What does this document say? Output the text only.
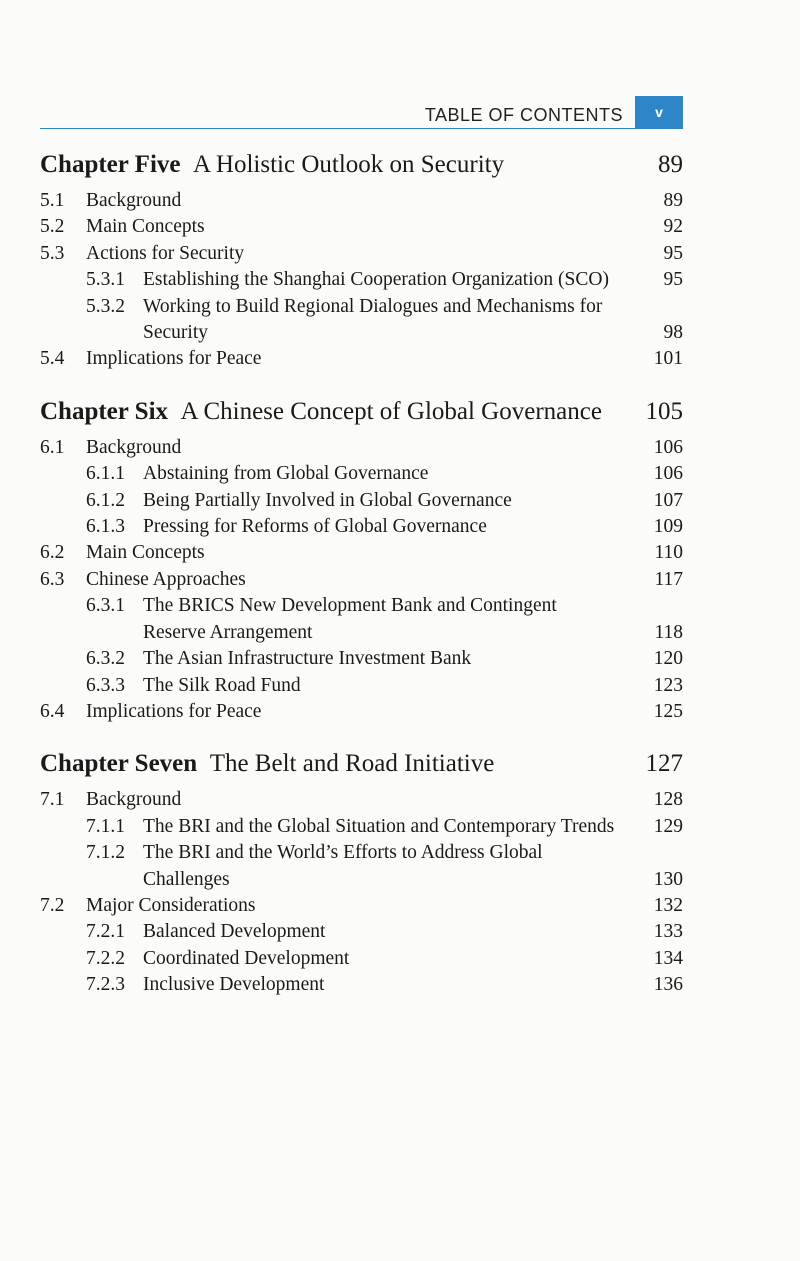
TABLE OF CONTENTS	v
Chapter Five A Holistic Outlook on Security	89
5.1	Background	89
5.2	Main Concepts	92
5.3	Actions for Security	95
5.3.1 Establishing the Shanghai Cooperation Organization (SCO)	95
5.3.2 Working to Build Regional Dialogues and Mechanisms for Security	98
5.4	Implications for Peace	101
Chapter Six A Chinese Concept of Global Governance 105
6.1	Background	106
6.1.1 Abstaining from Global Governance	106
6.1.2 Being Partially Involved in Global Governance	107
6.1.3 Pressing for Reforms of Global Governance	109
6.2	Main Concepts	110
6.3	Chinese Approaches	117
6.3.1 The BRICS New Development Bank and Contingent Reserve Arrangement	118
6.3.2 The Asian Infrastructure Investment Bank	120
6.3.3 The Silk Road Fund	123
6.4	Implications for Peace	125
Chapter Seven The Belt and Road Initiative	127
7.1	Background	128
7.1.1 The BRI and the Global Situation and Contemporary Trends	129
7.1.2 The BRI and the World’s Efforts to Address Global Challenges	130
7.2	Major Considerations	132
7.2.1 Balanced Development	133
7.2.2 Coordinated Development	134
7.2.3 Inclusive Development	136
